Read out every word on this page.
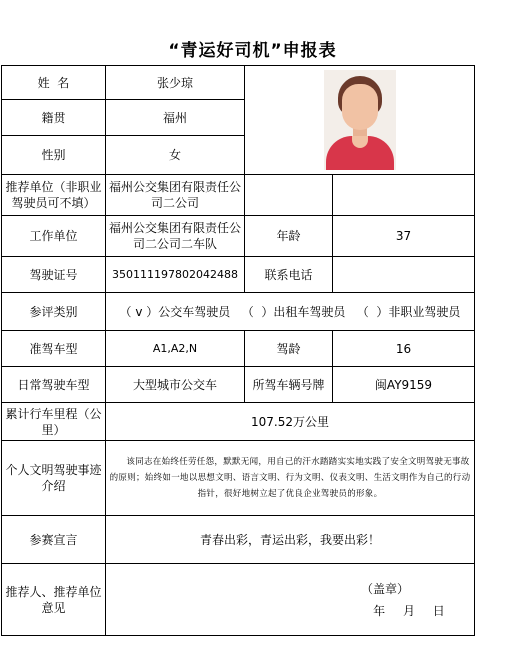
“青运好司机”申报表
姓  名	张少琼		

籍贯	福州		
性别	女		
推荐单位（非职业驾驶员可不填）	福州公交集团有限责任公司二公司		
工作单位	福州公交集团有限责任公司二公司二车队	年龄	37
驾驶证号	350111197802042488	联系电话	
参评类别	（ v ）公交车驾驶员   （  ）出租车驾驶员   （  ）非职业驾驶员		
准驾车型	A1,A2,N	驾龄	16
日常驾驶车型	大型城市公交车	所驾车辆号牌	闽AY9159
累计行车里程（公里）	107.52万公里		
个人文明驾驶事迹介绍	该同志在始终任劳任怨，默默无闻，用自己的汗水踏踏实实地实践了安全文明驾驶无事故的原则；始终如一地以思想文明、语言文明、行为文明、仪表文明、生活文明作为自己的行动指针，很好地树立起了优良企业驾驶员的形象。		
参赛宣言	青春出彩，青运出彩，我要出彩！		
推荐人、推荐单位意见	（盖章）
年 月 日		
